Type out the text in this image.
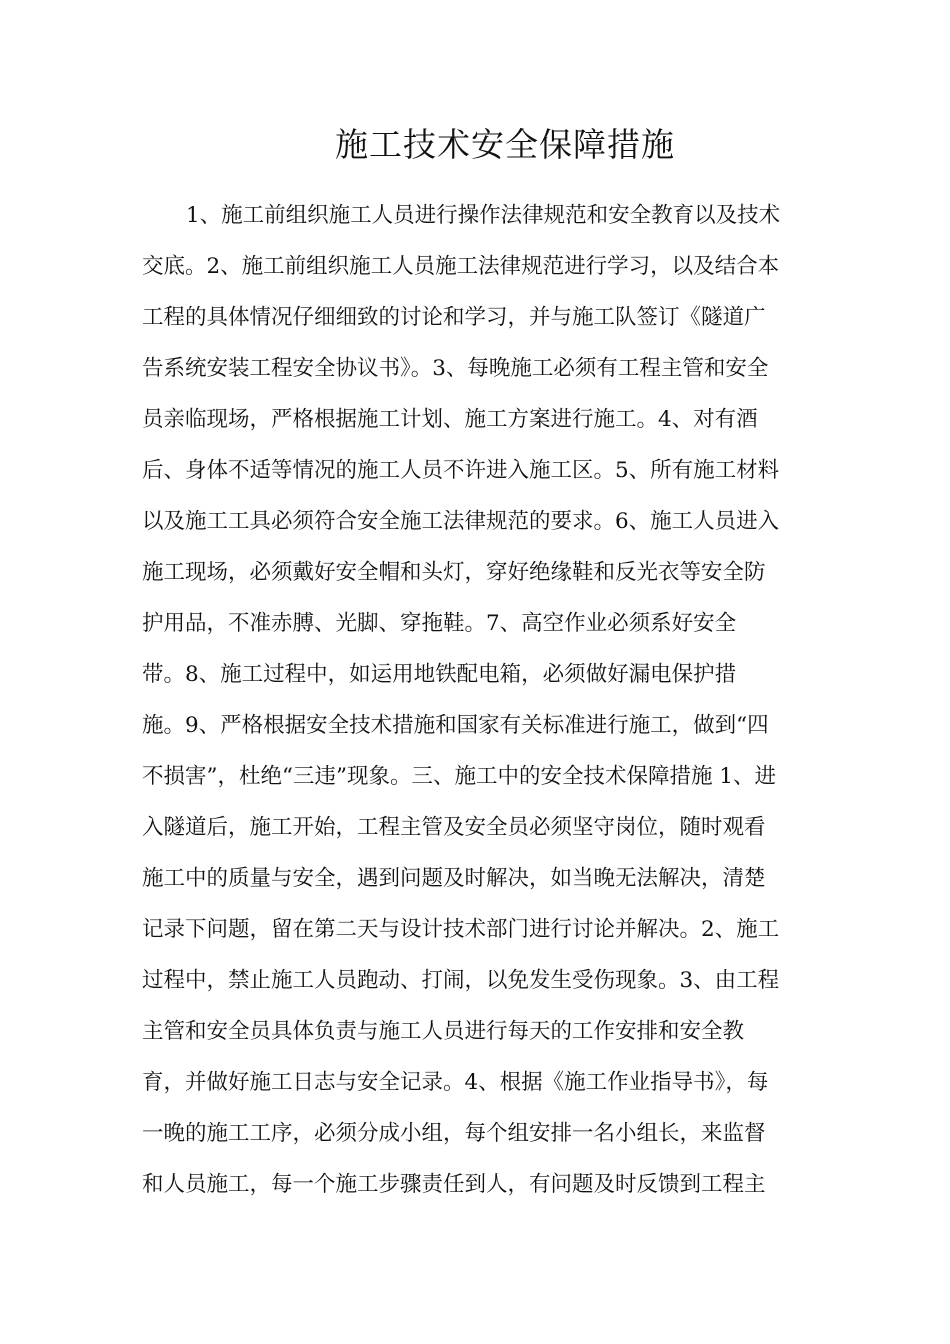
施工技术安全保障措施
1、施工前组织施工人员进行操作法律规范和安全教育以及技术
交底。2、施工前组织施工人员施工法律规范进行学习，以及结合本
工程的具体情况仔细细致的讨论和学习，并与施工队签订《隧道广
告系统安装工程安全协议书》。3、每晚施工必须有工程主管和安全
员亲临现场，严格根据施工计划、施工方案进行施工。4、对有酒
后、身体不适等情况的施工人员不许进入施工区。5、所有施工材料
以及施工工具必须符合安全施工法律规范的要求。6、施工人员进入
施工现场，必须戴好安全帽和头灯，穿好绝缘鞋和反光衣等安全防
护用品，不准赤膊、光脚、穿拖鞋。7、高空作业必须系好安全
带。8、施工过程中，如运用地铁配电箱，必须做好漏电保护措
施。9、严格根据安全技术措施和国家有关标准进行施工，做到“四
不损害”，杜绝“三违”现象。三、施工中的安全技术保障措施 1、进
入隧道后，施工开始，工程主管及安全员必须坚守岗位，随时观看
施工中的质量与安全，遇到问题及时解决，如当晚无法解决，清楚
记录下问题，留在第二天与设计技术部门进行讨论并解决。2、施工
过程中，禁止施工人员跑动、打闹，以免发生受伤现象。3、由工程
主管和安全员具体负责与施工人员进行每天的工作安排和安全教
育，并做好施工日志与安全记录。4、根据《施工作业指导书》，每
一晚的施工工序，必须分成小组，每个组安排一名小组长，来监督
和人员施工，每一个施工步骤责任到人，有问题及时反馈到工程主
